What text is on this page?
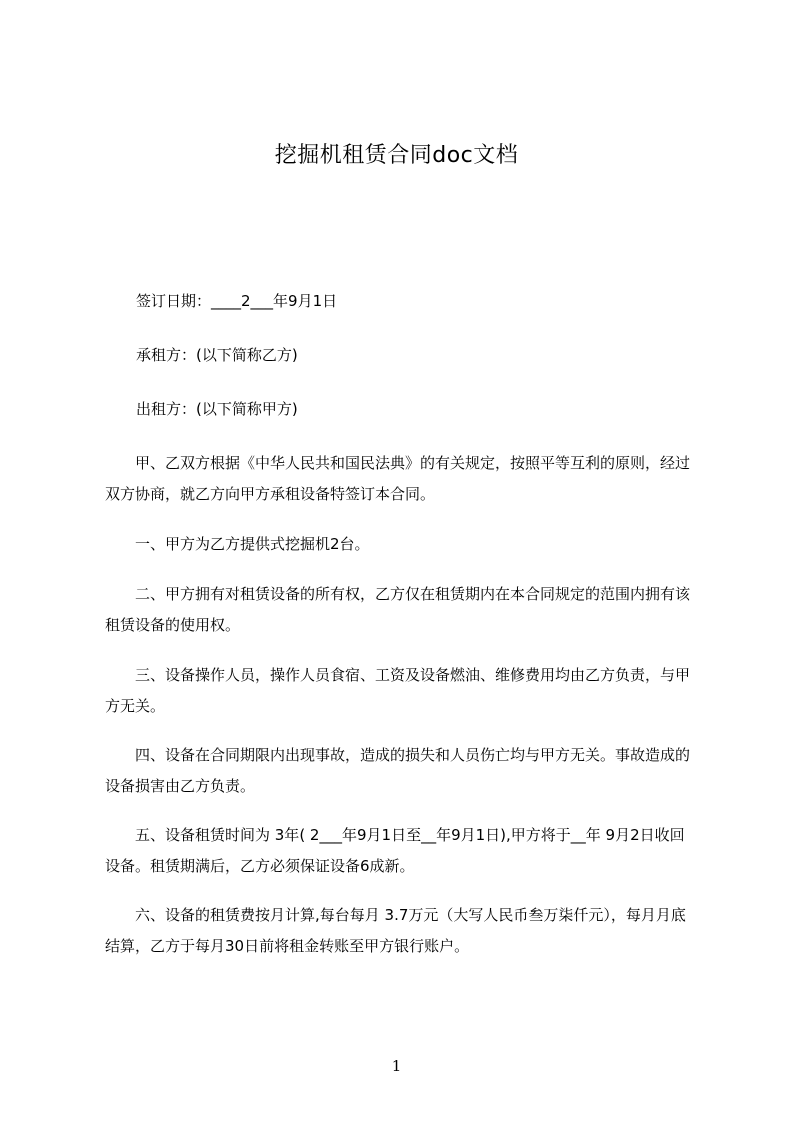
挖掘机租赁合同doc文档
签订日期：____2___年9月1日
承租方：(以下简称乙方)
出租方：(以下简称甲方)
甲、乙双方根据《中华人民共和国民法典》的有关规定，按照平等互利的原则，经过双方协商，就乙方向甲方承租设备特签订本合同。
一、甲方为乙方提供式挖掘机2台。
二、甲方拥有对租赁设备的所有权，乙方仅在租赁期内在本合同规定的范围内拥有该租赁设备的使用权。
三、设备操作人员，操作人员食宿、工资及设备燃油、维修费用均由乙方负责，与甲方无关。
四、设备在合同期限内出现事故，造成的损失和人员伤亡均与甲方无关。事故造成的设备损害由乙方负责。
五、设备租赁时间为 3年( 2___年9月1日至__年9月1日),甲方将于__年 9月2日收回设备。租赁期满后，乙方必须保证设备6成新。
六、设备的租赁费按月计算,每台每月 3.7万元（大写人民币叁万柒仟元），每月月底结算，乙方于每月30日前将租金转账至甲方银行账户。
1
